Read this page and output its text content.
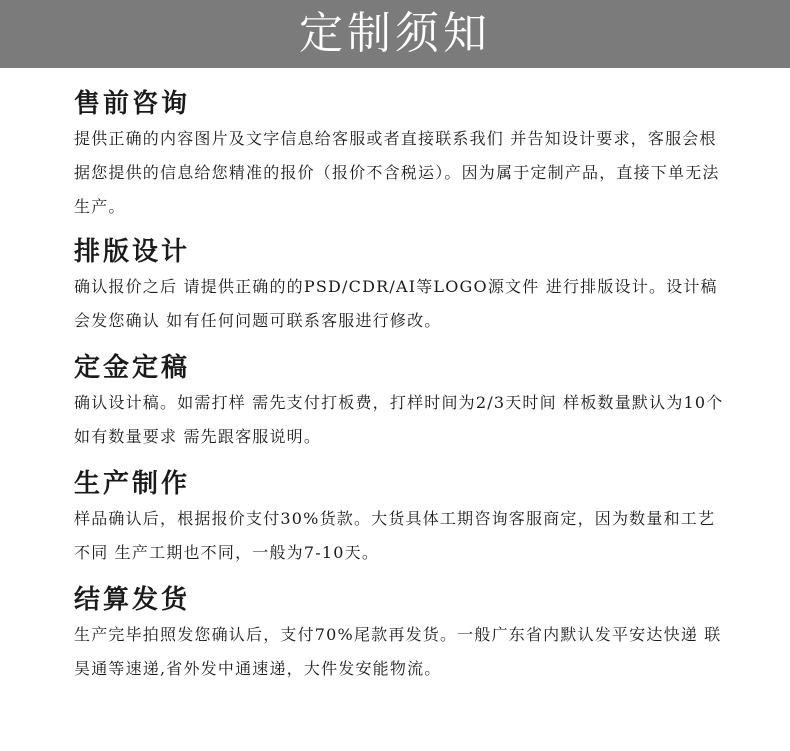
定制须知
售前咨询

提供正确的内容图片及文字信息给客服或者直接联系我们 并告知设计要求，客服会根据您提供的信息给您精准的报价（报价不含税运）。因为属于定制产品，直接下单无法生产。

排版设计

确认报价之后 请提供正确的的PSD/CDR/AI等LOGO源文件 进行排版设计。设计稿会发您确认 如有任何问题可联系客服进行修改。

定金定稿

确认设计稿。如需打样 需先支付打板费，打样时间为2/3天时间 样板数量默认为10个 如有数量要求 需先跟客服说明。

生产制作

样品确认后，根据报价支付30%货款。大货具体工期咨询客服商定，因为数量和工艺不同 生产工期也不同，一般为7-10天。

结算发货

生产完毕拍照发您确认后，支付70%尾款再发货。一般广东省内默认发平安达快递 联昊通等速递,省外发中通速递，大件发安能物流。
